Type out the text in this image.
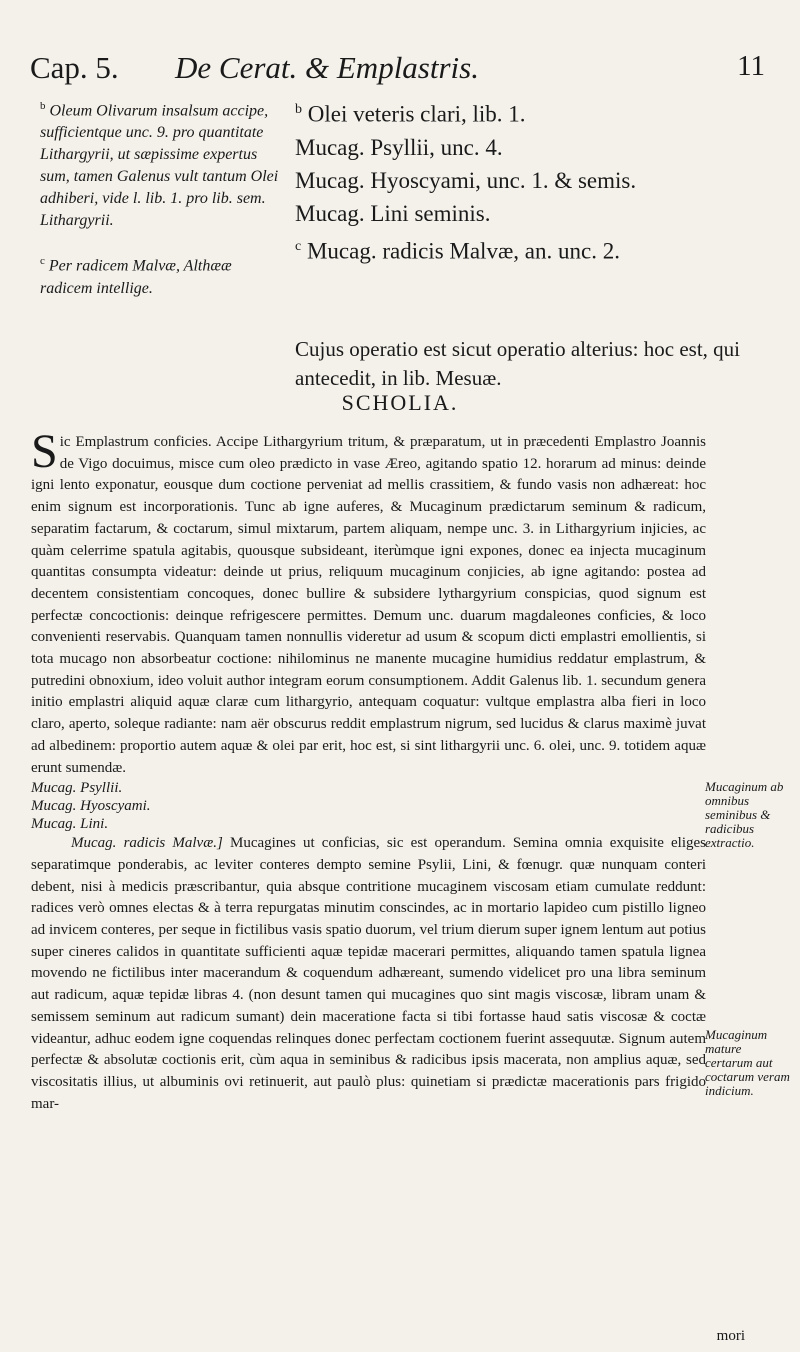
Cap. 5. De Cerat. & Emplastris.	11

$^b$ Oleum Olivarum insalsum accipe, sufficientque unc. 9. pro quantitate Lithargyrii, ut sæpissime expertus sum, tamen Galenus vult tantum Olei adhiberi, vide l. lib. 1. pro lib. sem. Lithargyrii.

$^c$ Per radicem Malvæ, Althææ radicem intellige.

$^b$ Olei veteris clari, lib. 1.

Mucag. Psyllii, unc. 4.

Mucag. Hyoscyami, unc. 1. & semis.

Mucag. Lini seminis.

$^c$ Mucag. radicis Malvæ, an. unc. 2.

Cujus operatio est sicut operatio alterius: hoc est, qui antecedit, in lib. Mesuæ.
SCHOLIA.

Sic Emplastrum conficies. Accipe Lithargyrium tritum, & præparatum, ut in præcedenti Emplastro Joannis de Vigo docuimus, misce cum oleo prædicto in vase Æreo, agitando spatio 12. horarum ad minus: deinde igni lento exponatur, eousque dum coctione perveniat ad mellis crassitiem, & fundo vasis non adhæreat: hoc enim signum est incorporationis. Tunc ab igne auferes, & Mucaginum prædictarum seminum & radicum, separatim factarum, & coctarum, simul mixtarum, partem aliquam, nempe unc. 3. in Lithargyrium injicies, ac quàm celerrime spatula agitabis, quousque subsideant, iterùmque igni expones, donec ea injecta mucaginum quantitas consumpta videatur: deinde ut prius, reliquum mucaginum conjicies, ab igne agitando: postea ad decentem consistentiam concoques, donec bullire & subsidere lythargyrium conspicias, quod signum est perfectæ concoctionis: deinque refrigescere permittes. Demum unc. duarum magdaleones conficies, & loco convenienti reservabis. Quanquam tamen nonnullis videretur ad usum & scopum dicti emplastri emollientis, si tota mucago non absorbeatur coctione: nihilominus ne manente mucagine humidius reddatur emplastrum, & putredini obnoxium, ideo voluit author integram eorum consumptionem. Addit Galenus lib. 1. secundum genera initio emplastri aliquid aquæ claræ cum lithargyrio, antequam coquatur: vultque emplastra alba fieri in loco claro, aperto, soleque radiante: nam aër obscurus reddit emplastrum nigrum, sed lucidus & clarus maximè juvat ad albedinem: proportio autem aquæ & olei par erit, hoc est, si sint lithargyrii unc. 6. olei, unc. 9. totidem aquæ erunt sumendæ.

Mucag. Psyllii.

Mucag. Hyoscyami.

Mucag. Lini.

Mucag. radicis Malvæ.] Mucagines ut conficias, sic est operandum. Semina omnia exquisite eliges separatimque ponderabis, ac leviter conteres dempto semine Psylii, Lini, & fœnugr. quæ nunquam conteri debent, nisi à medicis præscribantur, quia absque contritione mucaginem viscosam etiam cumulate reddunt: radices verò omnes electas & à terra repurgatas minutim conscindes, ac in mortario lapideo cum pistillo ligneo ad invicem conteres, per seque in fictilibus vasis spatio duorum, vel trium dierum super ignem lentum aut potius super cineres calidos in quantitate sufficienti aquæ tepidæ macerari permittes, aliquando tamen spatula lignea movendo ne fictilibus inter macerandum & coquendum adhæreant, sumendo videlicet pro una libra seminum aut radicum, aquæ tepidæ libras 4. (non desunt tamen qui mucagines quo sint magis viscosæ, libram unam & semissem seminum aut radicum sumant) dein maceratione facta si tibi fortasse haud satis viscosæ & coctæ videantur, adhuc eodem igne coquendas relinques donec perfectam coctionem fuerint assequutæ. Signum autem perfectæ & absolutæ coctionis erit, cùm aqua in seminibus & radicibus ipsis macerata, non amplius aquæ, sed viscositatis illius, ut albuminis ovi retinuerit, aut paulò plus: quinetiam si prædictæ macerationis pars frigido mar-

Mucaginum ab omnibus seminibus & radicibus extractio.
Mucaginum mature certarum aut coctarum veram indicium.
mori
